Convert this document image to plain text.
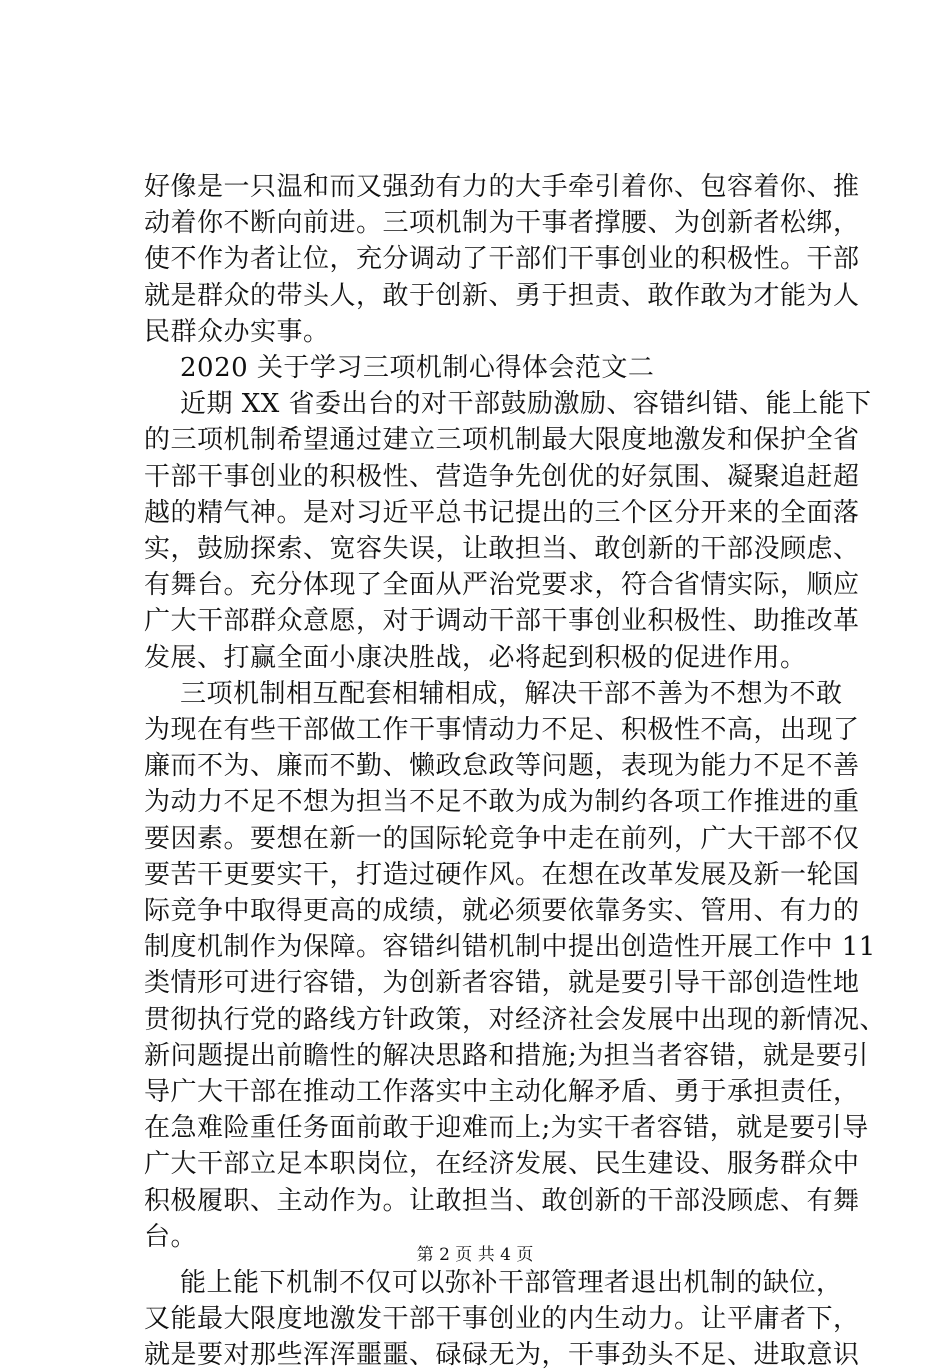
好像是一只温和而又强劲有力的大手牵引着你、包容着你、推
动着你不断向前进。三项机制为干事者撑腰、为创新者松绑，
使不作为者让位，充分调动了干部们干事创业的积极性。干部
就是群众的带头人，敢于创新、勇于担责、敢作敢为才能为人
民群众办实事。
2020 关于学习三项机制心得体会范文二
近期 XX 省委出台的对干部鼓励激励、容错纠错、能上能下
的三项机制希望通过建立三项机制最大限度地激发和保护全省
干部干事创业的积极性、营造争先创优的好氛围、凝聚追赶超
越的精气神。是对习近平总书记提出的三个区分开来的全面落
实，鼓励探索、宽容失误，让敢担当、敢创新的干部没顾虑、
有舞台。充分体现了全面从严治党要求，符合省情实际，顺应
广大干部群众意愿，对于调动干部干事创业积极性、助推改革
发展、打赢全面小康决胜战，必将起到积极的促进作用。
三项机制相互配套相辅相成，解决干部不善为不想为不敢
为现在有些干部做工作干事情动力不足、积极性不高，出现了
廉而不为、廉而不勤、懒政怠政等问题，表现为能力不足不善
为动力不足不想为担当不足不敢为成为制约各项工作推进的重
要因素。要想在新一的国际轮竞争中走在前列，广大干部不仅
要苦干更要实干，打造过硬作风。在想在改革发展及新一轮国
际竞争中取得更高的成绩，就必须要依靠务实、管用、有力的
制度机制作为保障。容错纠错机制中提出创造性开展工作中 11
类情形可进行容错，为创新者容错，就是要引导干部创造性地
贯彻执行党的路线方针政策，对经济社会发展中出现的新情况、
新问题提出前瞻性的解决思路和措施;为担当者容错，就是要引
导广大干部在推动工作落实中主动化解矛盾、勇于承担责任，
在急难险重任务面前敢于迎难而上;为实干者容错，就是要引导
广大干部立足本职岗位，在经济发展、民生建设、服务群众中
积极履职、主动作为。让敢担当、敢创新的干部没顾虑、有舞
台。
能上能下机制不仅可以弥补干部管理者退出机制的缺位，
又能最大限度地激发干部干事创业的内生动力。让平庸者下，
就是要对那些浑浑噩噩、碌碌无为，干事劲头不足、进取意识
第 2 页 共 4 页
